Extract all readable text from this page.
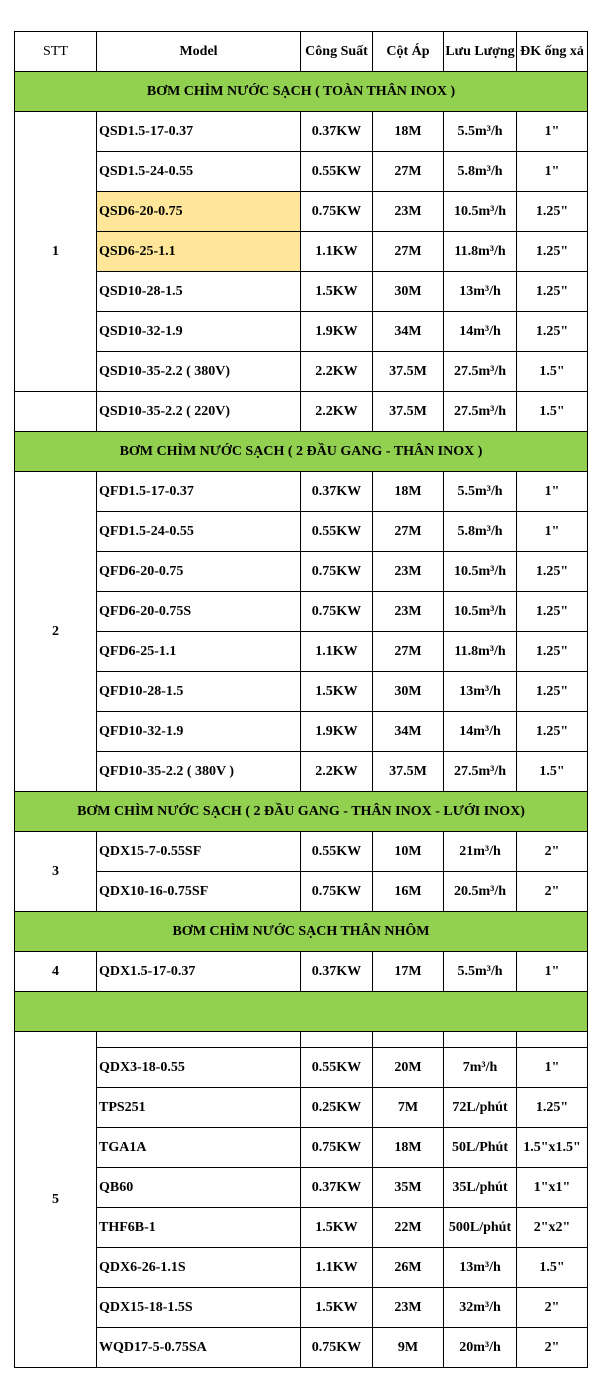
STT	Model	Công Suất	Cột Áp	Lưu Lượng	ĐK ống xả
BƠM CHÌM NƯỚC SẠCH ( TOÀN THÂN INOX )					
1	QSD1.5-17-0.37	0.37KW	18M	5.5m³/h	1"
	QSD1.5-24-0.55	0.55KW	27M	5.8m³/h	1"
	QSD6-20-0.75	0.75KW	23M	10.5m³/h	1.25"
	QSD6-25-1.1	1.1KW	27M	11.8m³/h	1.25"
	QSD10-28-1.5	1.5KW	30M	13m³/h	1.25"
	QSD10-32-1.9	1.9KW	34M	14m³/h	1.25"
	QSD10-35-2.2 ( 380V)	2.2KW	37.5M	27.5m³/h	1.5"
	QSD10-35-2.2 ( 220V)	2.2KW	37.5M	27.5m³/h	1.5"
BƠM CHÌM NƯỚC SẠCH ( 2 ĐẦU GANG - THÂN INOX )					
2	QFD1.5-17-0.37	0.37KW	18M	5.5m³/h	1"
	QFD1.5-24-0.55	0.55KW	27M	5.8m³/h	1"
	QFD6-20-0.75	0.75KW	23M	10.5m³/h	1.25"
	QFD6-20-0.75S	0.75KW	23M	10.5m³/h	1.25"
	QFD6-25-1.1	1.1KW	27M	11.8m³/h	1.25"
	QFD10-28-1.5	1.5KW	30M	13m³/h	1.25"
	QFD10-32-1.9	1.9KW	34M	14m³/h	1.25"
	QFD10-35-2.2 ( 380V )	2.2KW	37.5M	27.5m³/h	1.5"
BƠM CHÌM NƯỚC SẠCH ( 2 ĐẦU GANG - THÂN INOX - LƯỚI INOX)					
3	QDX15-7-0.55SF	0.55KW	10M	21m³/h	2"
	QDX10-16-0.75SF	0.75KW	16M	20.5m³/h	2"
BƠM CHÌM NƯỚC SẠCH THÂN NHÔM					
4	QDX1.5-17-0.37	0.37KW	17M	5.5m³/h	1"

5					
	QDX3-18-0.55	0.55KW	20M	7m³/h	1"
	TPS251	0.25KW	7M	72L/phút	1.25"
	TGA1A	0.75KW	18M	50L/Phút	1.5"x1.5"
	QB60	0.37KW	35M	35L/phút	1"x1"
	THF6B-1	1.5KW	22M	500L/phút	2"x2"
	QDX6-26-1.1S	1.1KW	26M	13m³/h	1.5"
	QDX15-18-1.5S	1.5KW	23M	32m³/h	2"
	WQD17-5-0.75SA	0.75KW	9M	20m³/h	2"
